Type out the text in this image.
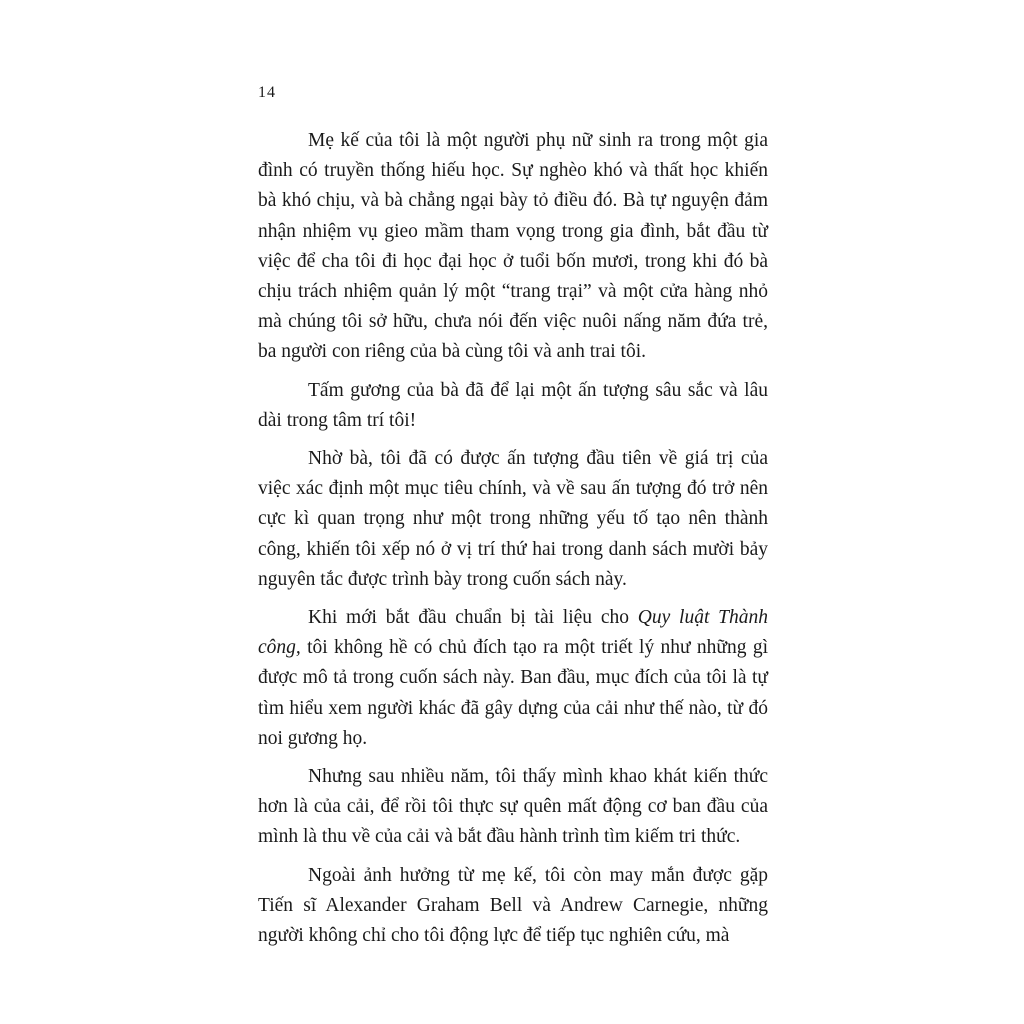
14

Mẹ kế của tôi là một người phụ nữ sinh ra trong một gia đình có truyền thống hiếu học. Sự nghèo khó và thất học khiến bà khó chịu, và bà chẳng ngại bày tỏ điều đó. Bà tự nguyện đảm nhận nhiệm vụ gieo mầm tham vọng trong gia đình, bắt đầu từ việc để cha tôi đi học đại học ở tuổi bốn mươi, trong khi đó bà chịu trách nhiệm quản lý một “trang trại” và một cửa hàng nhỏ mà chúng tôi sở hữu, chưa nói đến việc nuôi nấng năm đứa trẻ, ba người con riêng của bà cùng tôi và anh trai tôi.

Tấm gương của bà đã để lại một ấn tượng sâu sắc và lâu dài trong tâm trí tôi!

Nhờ bà, tôi đã có được ấn tượng đầu tiên về giá trị của việc xác định một mục tiêu chính, và về sau ấn tượng đó trở nên cực kì quan trọng như một trong những yếu tố tạo nên thành công, khiến tôi xếp nó ở vị trí thứ hai trong danh sách mười bảy nguyên tắc được trình bày trong cuốn sách này.

Khi mới bắt đầu chuẩn bị tài liệu cho Quy luật Thành công, tôi không hề có chủ đích tạo ra một triết lý như những gì được mô tả trong cuốn sách này. Ban đầu, mục đích của tôi là tự tìm hiểu xem người khác đã gây dựng của cải như thế nào, từ đó noi gương họ.

Nhưng sau nhiều năm, tôi thấy mình khao khát kiến thức hơn là của cải, để rồi tôi thực sự quên mất động cơ ban đầu của mình là thu về của cải và bắt đầu hành trình tìm kiếm tri thức.

Ngoài ảnh hưởng từ mẹ kế, tôi còn may mắn được gặp Tiến sĩ Alexander Graham Bell và Andrew Carnegie, những người không chỉ cho tôi động lực để tiếp tục nghiên cứu, mà
